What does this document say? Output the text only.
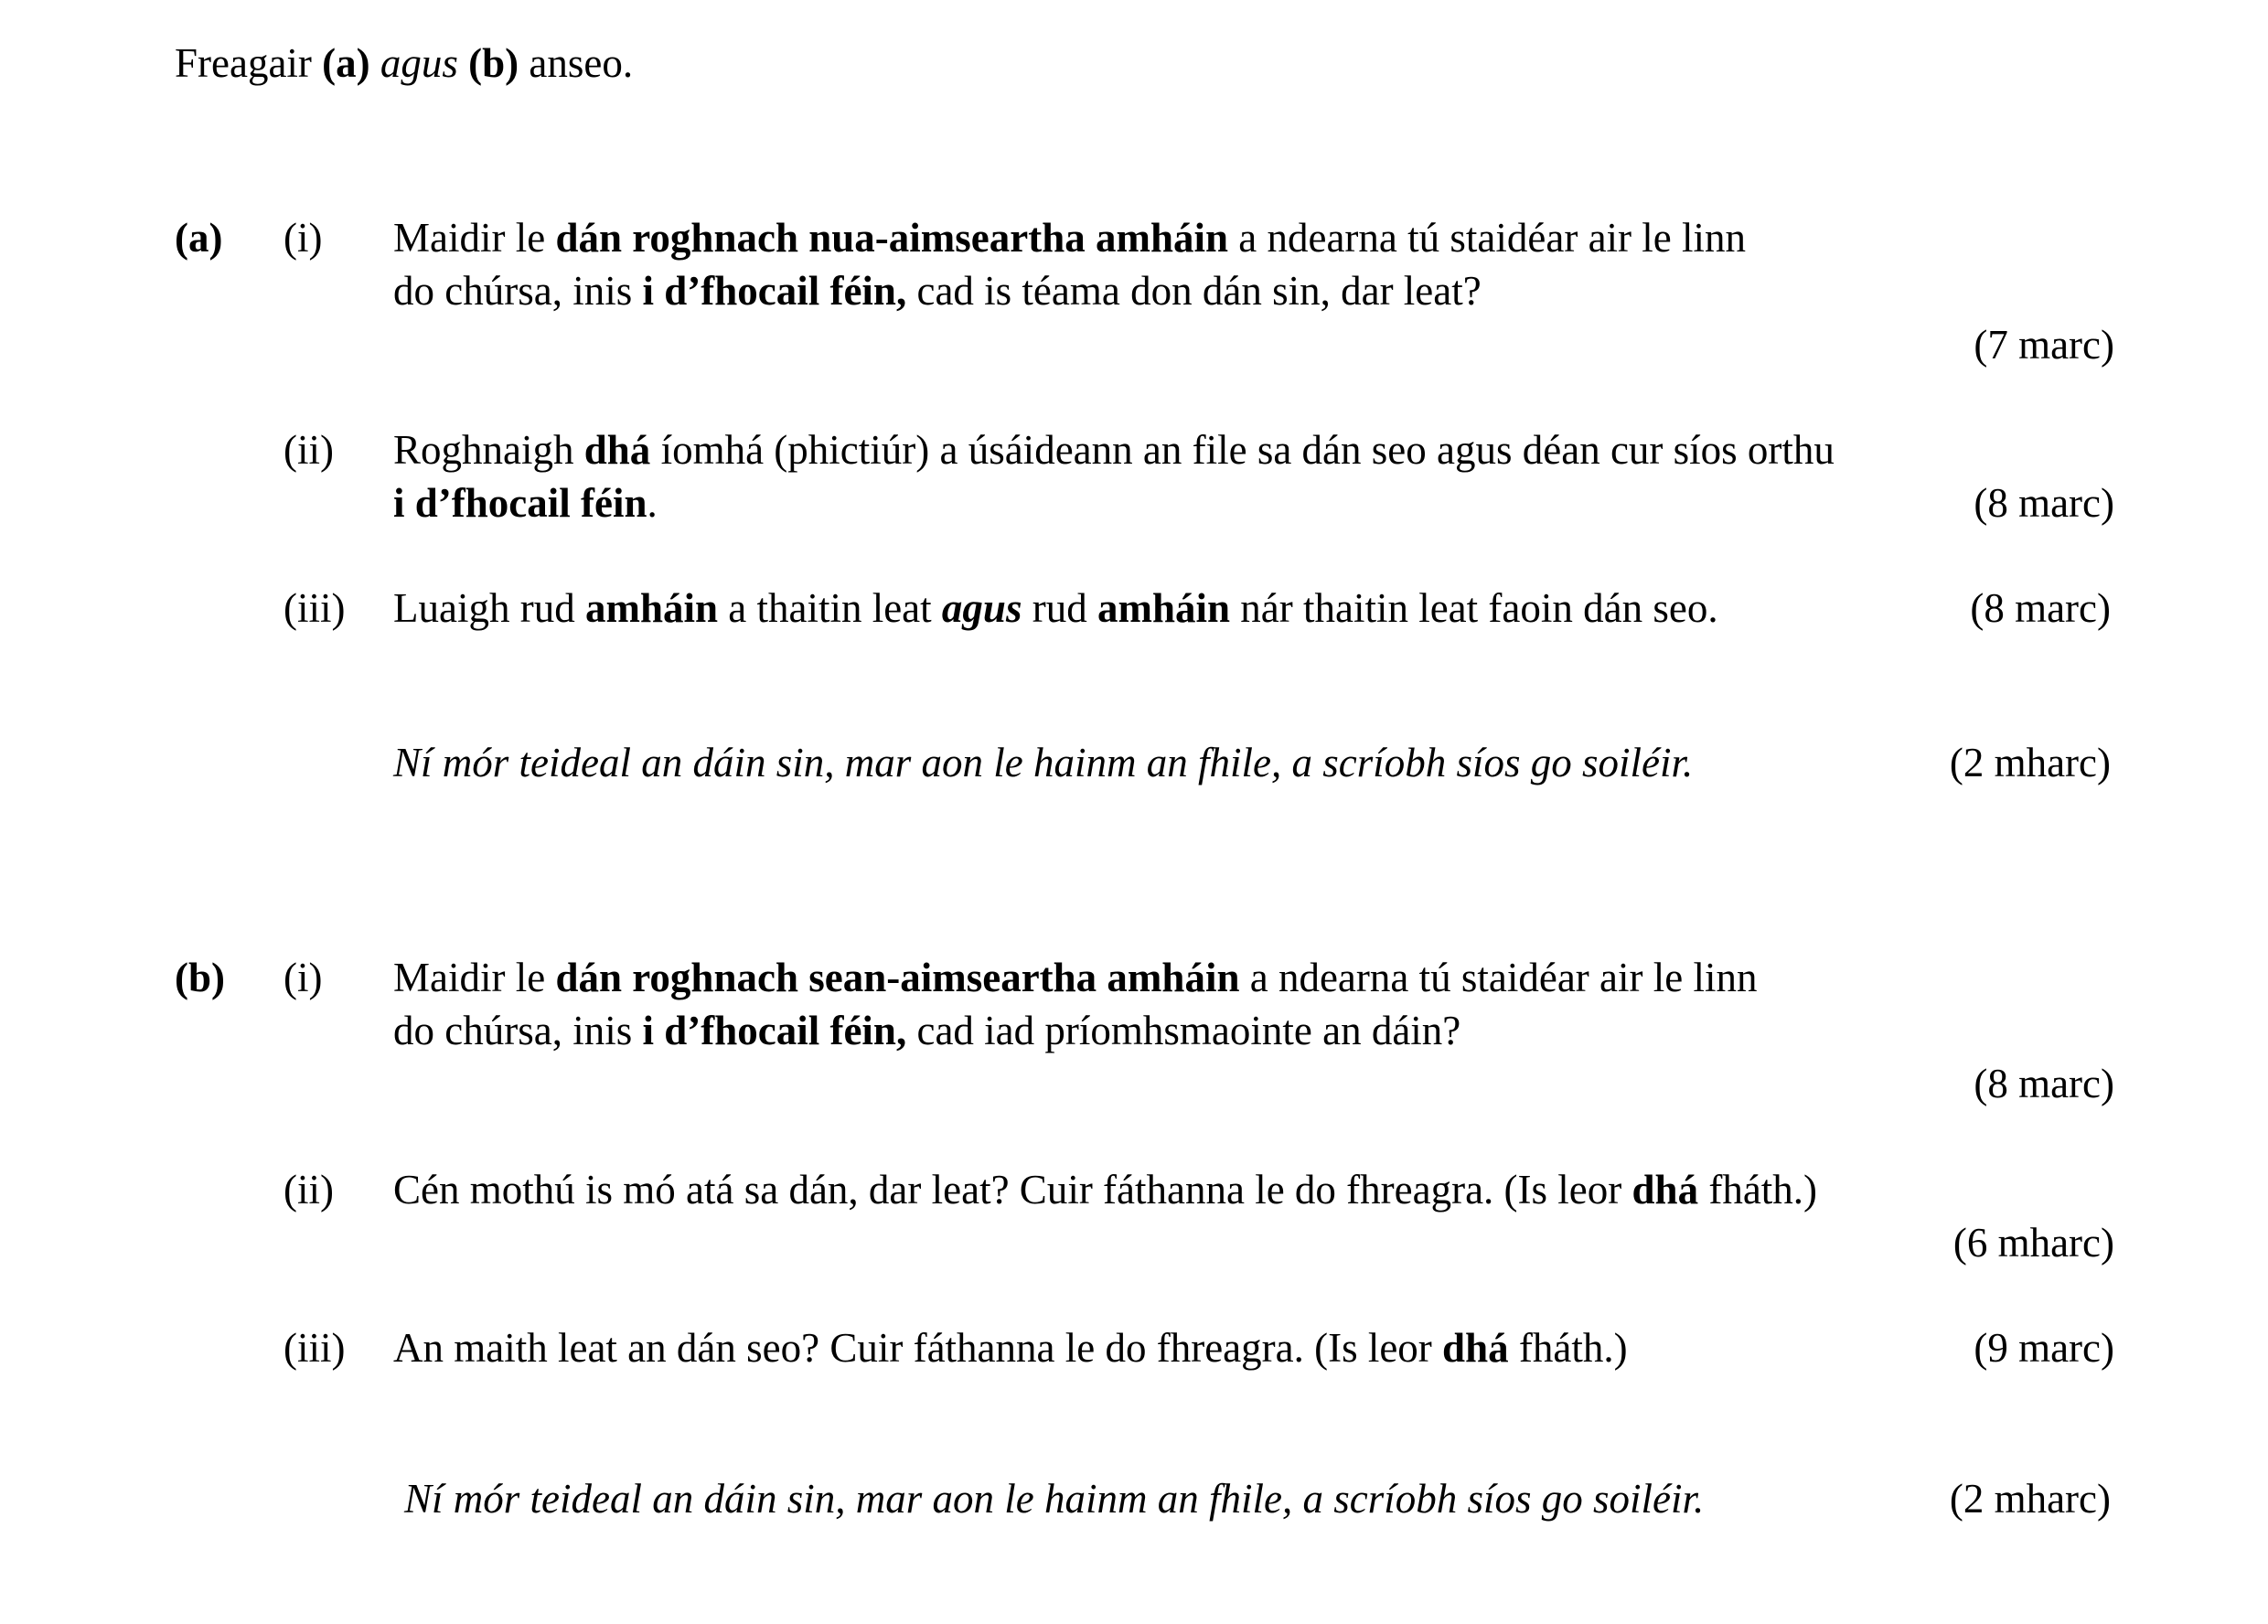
Freagair (a) agus (b) anseo.
(a) (i) Maidir le dán roghnach nua-aimseartha amháin a ndearna tú staidéar air le linn
do chúrsa, inis i d’fhocail féin, cad is téama don dán sin, dar leat?
(7 marc)
(ii) Roghnaigh dhá íomhá (phictiúr) a úsáideann an file sa dán seo agus déan cur síos orthu
i d’fhocail féin.	(8 marc)
(iii) Luaigh rud amháin a thaitin leat agus rud amháin nár thaitin leat faoin dán seo.	(8 marc)
Ní mór teideal an dáin sin, mar aon le hainm an fhile, a scríobh síos go soiléir.	(2 mharc)
(b) (i) Maidir le dán roghnach sean-aimseartha amháin a ndearna tú staidéar air le linn
do chúrsa, inis i d’fhocail féin, cad iad príomhsmaointe an dáin?
(8 marc)
(ii) Cén mothú is mó atá sa dán, dar leat? Cuir fáthanna le do fhreagra. (Is leor dhá fháth.)
(6 mharc)
(iii) An maith leat an dán seo? Cuir fáthanna le do fhreagra. (Is leor dhá fháth.)	(9 marc)
Ní mór teideal an dáin sin, mar aon le hainm an fhile, a scríobh síos go soiléir.	(2 mharc)
